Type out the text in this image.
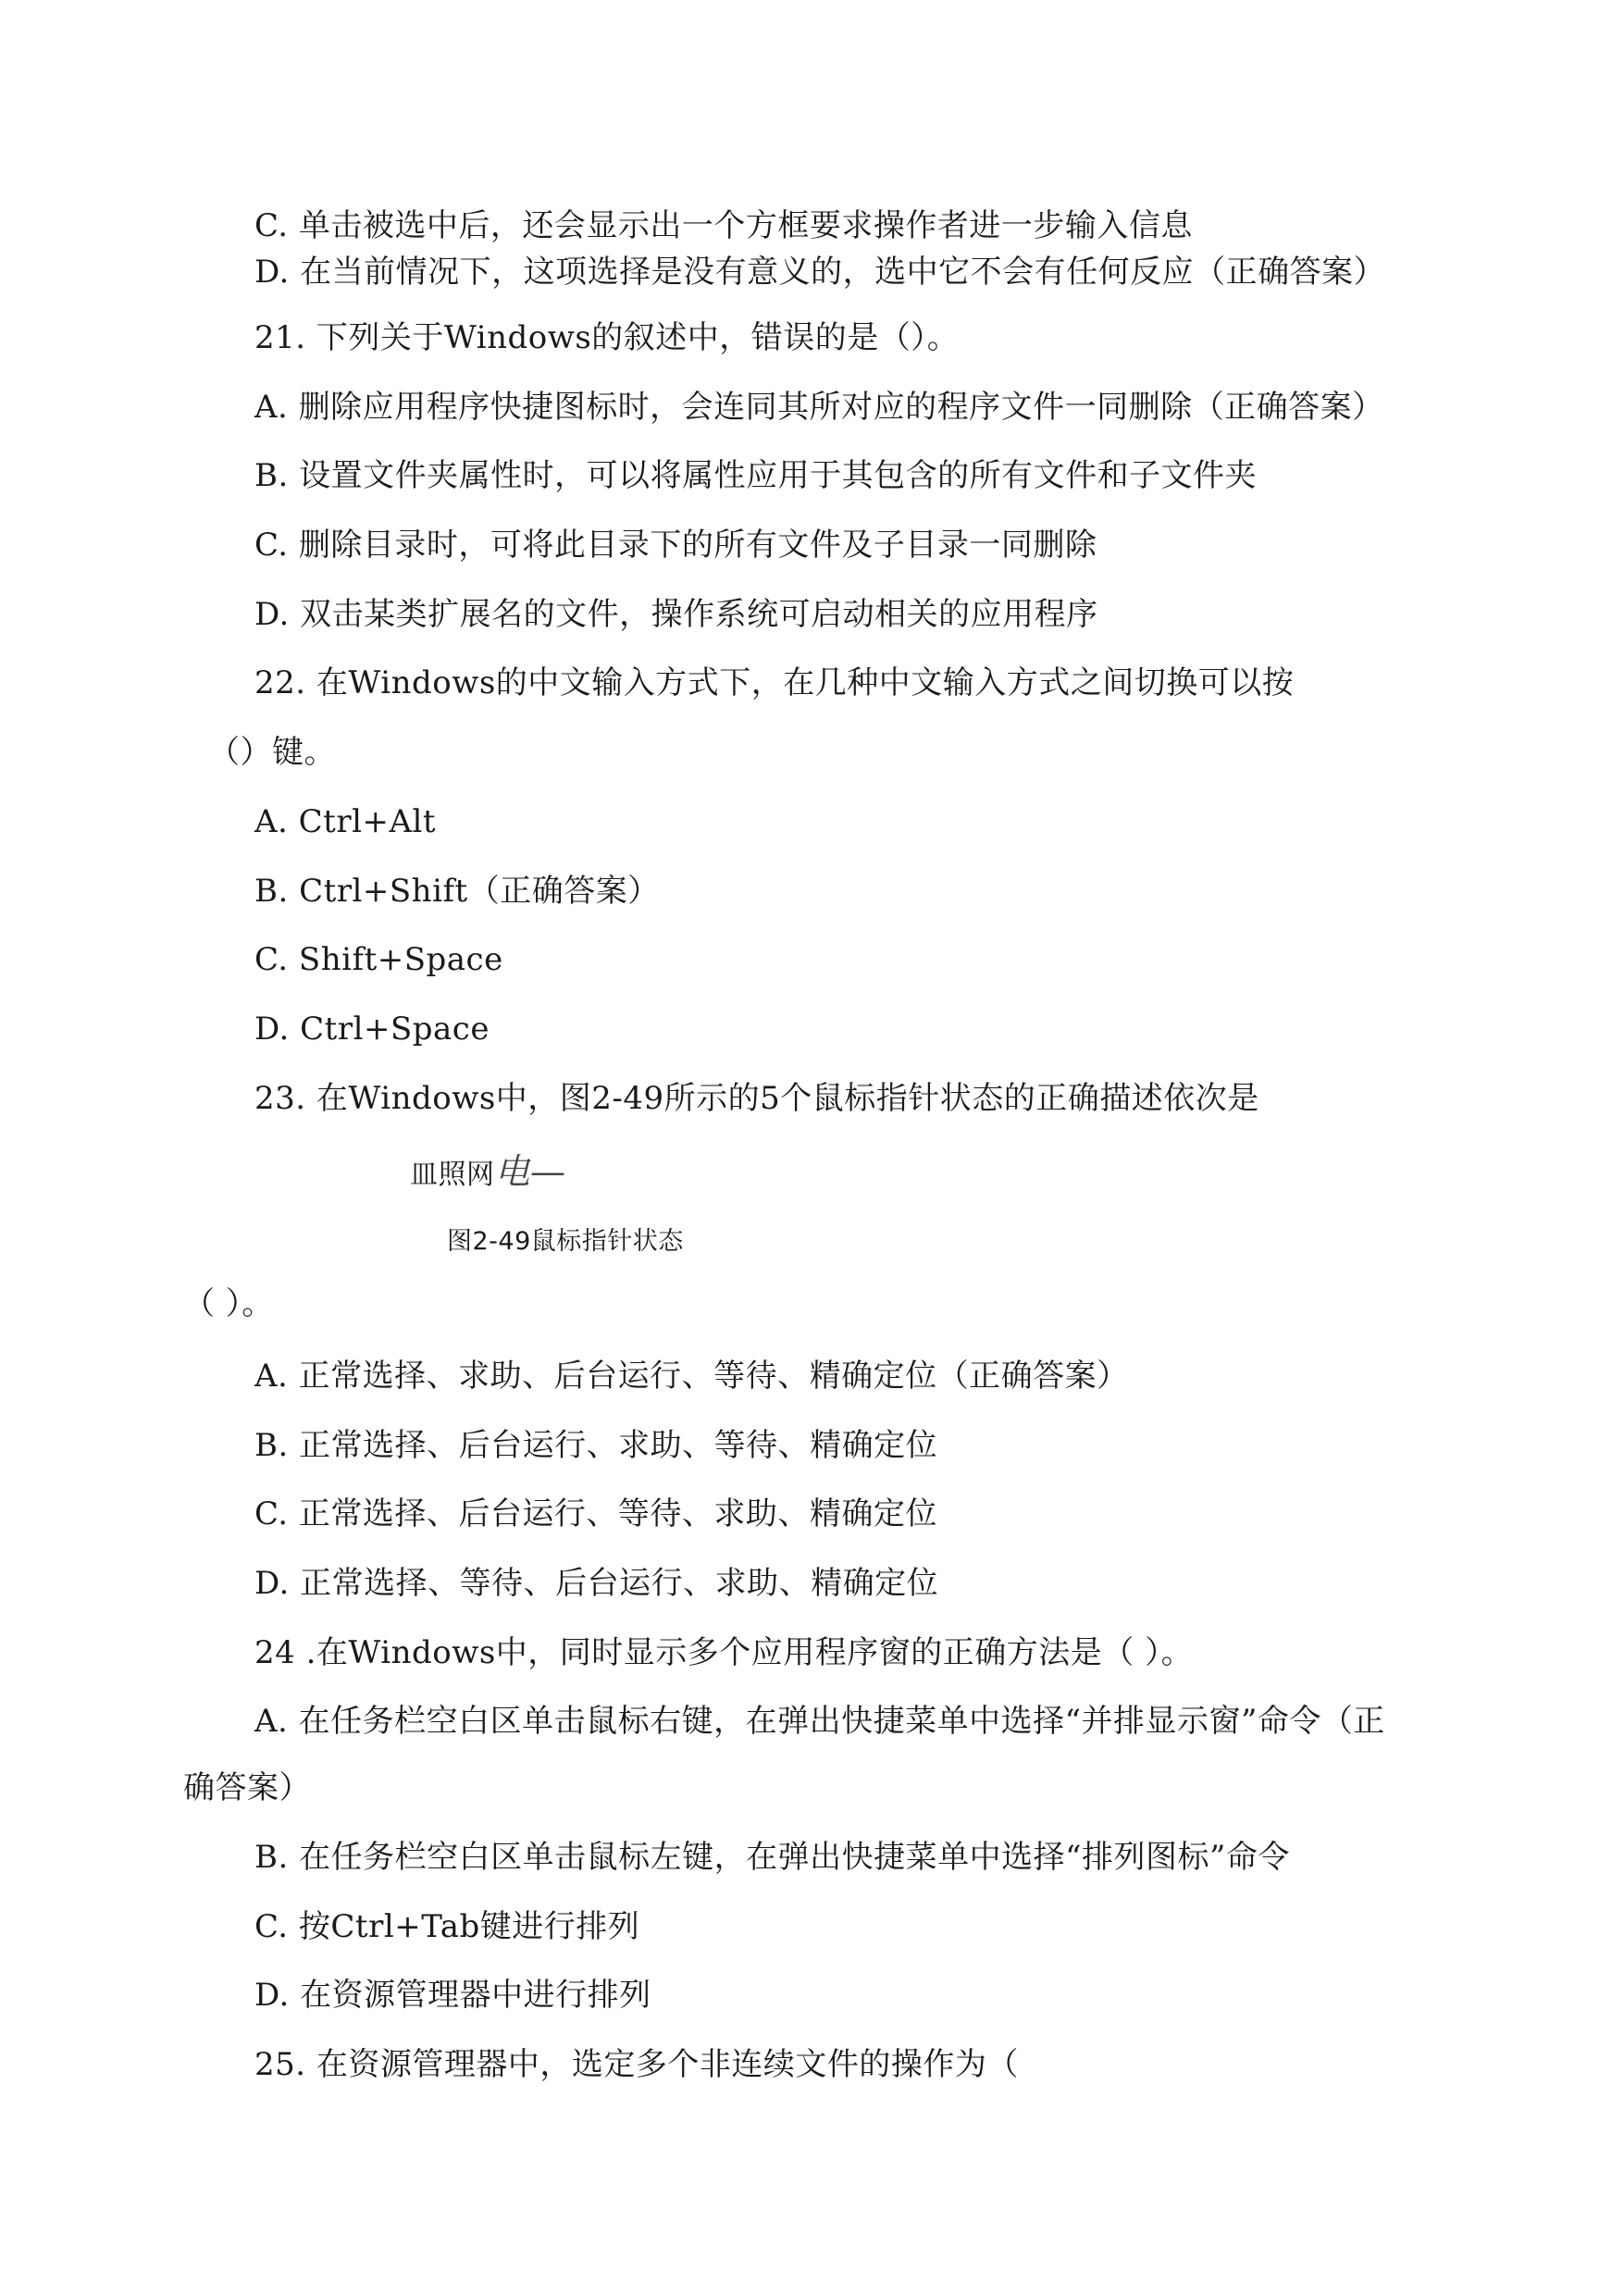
C. 单击被选中后，还会显示出一个方框要求操作者进一步输入信息
D. 在当前情况下，这项选择是没有意义的，选中它不会有任何反应（正确答案）
21. 下列关于Windows的叙述中，错误的是（）。
A. 删除应用程序快捷图标时，会连同其所对应的程序文件一同删除（正确答案）
B. 设置文件夹属性时，可以将属性应用于其包含的所有文件和子文件夹
C. 删除目录时，可将此目录下的所有文件及子目录一同删除
D. 双击某类扩展名的文件，操作系统可启动相关的应用程序
22. 在Windows的中文输入方式下，在几种中文输入方式之间切换可以按
（）键。
A. Ctrl+Alt
B. Ctrl+Shift（正确答案）
C. Shift+Space
D. Ctrl+Space
23. 在Windows中，图2-49所示的5个鼠标指针状态的正确描述依次是
皿照网电—
图2-49鼠标指针状态
（ ）。
A. 正常选择、求助、后台运行、等待、精确定位（正确答案）
B. 正常选择、后台运行、求助、等待、精确定位
C. 正常选择、后台运行、等待、求助、精确定位
D. 正常选择、等待、后台运行、求助、精确定位
24 .在Windows中，同时显示多个应用程序窗的正确方法是（ ）。
A. 在任务栏空白区单击鼠标右键，在弹出快捷菜单中选择“并排显示窗”命令（正
确答案）
B. 在任务栏空白区单击鼠标左键，在弹出快捷菜单中选择“排列图标”命令
C. 按Ctrl+Tab键进行排列
D. 在资源管理器中进行排列
25. 在资源管理器中，选定多个非连续文件的操作为（
